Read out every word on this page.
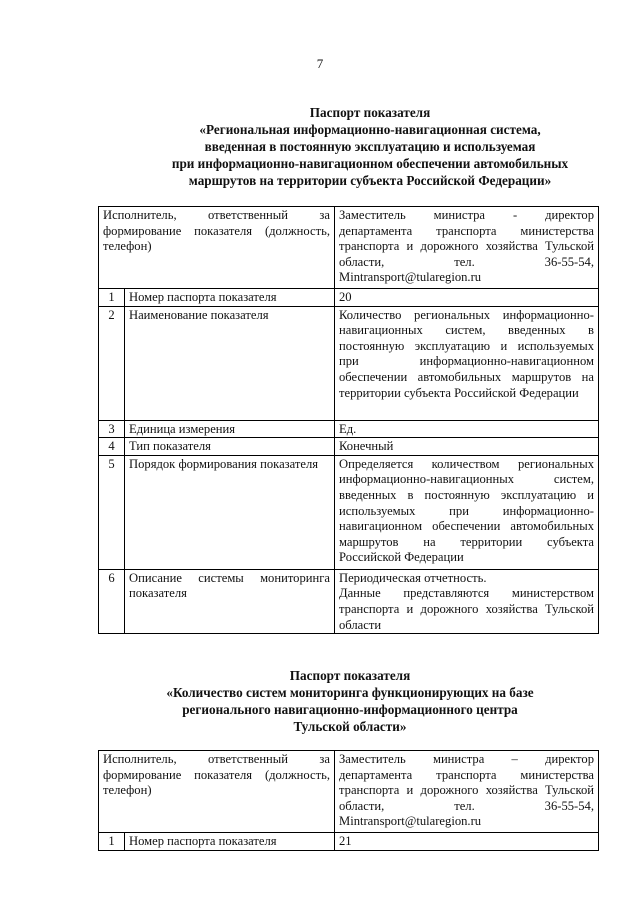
7
Паспорт показателя
«Региональная информационно-навигационная система,
введенная в постоянную эксплуатацию и используемая
при информационно-навигационном обеспечении автомобильных
маршрутов на территории субъекта Российской Федерации»
Исполнитель, ответственный за формирование показателя (должность, телефон)		Заместитель министра - директор департамента транспорта министерства транспорта и дорожного хозяйства Тульской области, тел. 36-55-54, Mintransport@tularegion.ru
1	Номер паспорта показателя	20
2	Наименование показателя	Количество региональных информационно-навигационных систем, введенных в постоянную эксплуатацию и используемых при информационно-навигационном обеспечении автомобильных маршрутов на территории субъекта Российской Федерации
3	Единица измерения	Ед.
4	Тип показателя	Конечный
5	Порядок формирования показателя	Определяется количеством региональных информационно-навигационных систем, введенных в постоянную эксплуатацию и используемых при информационно-навигационном обеспечении автомобильных маршрутов на территории субъекта Российской Федерации
6	Описание системы мониторинга показателя	Периодическая отчетность.
Данные представляются министерством транспорта и дорожного хозяйства Тульской области
Паспорт показателя
«Количество систем мониторинга функционирующих на базе
регионального навигационно-информационного центра
Тульской области»
Исполнитель, ответственный за формирование показателя (должность, телефон)		Заместитель министра – директор департамента транспорта министерства транспорта и дорожного хозяйства Тульской области, тел. 36-55-54, Mintransport@tularegion.ru
1	Номер паспорта показателя	21
